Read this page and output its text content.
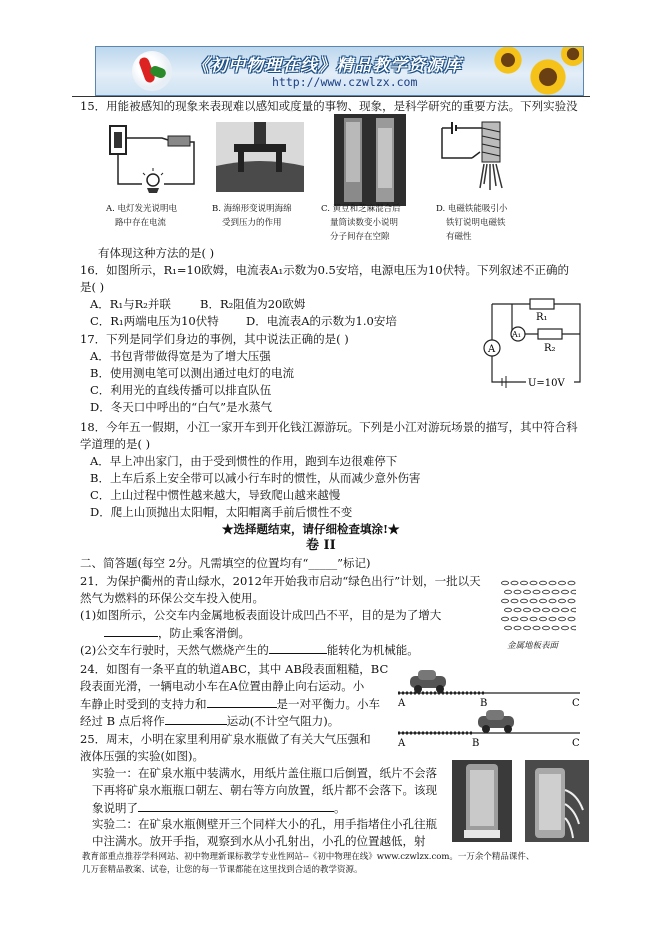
《初中物理在线》精品教学资源库
http://www.czwlzx.com
15．用能被感知的现象来表现难以感知或度量的事物、现象，是科学研究的重要方法。下列实验没
A. 电灯发光说明电
路中存在电流
B. 海绵形变说明海绵
受到压力的作用
C. 黄豆和芝麻混合后
量筒读数变小说明
分子间存在空隙
D. 电磁铁能吸引小
铁钉说明电磁铁
有磁性
有体现这种方法的是( )
16．如图所示，R₁=10欧姆，电流表A₁示数为0.5安培，电源电压为10伏特。下列叙述不正确的
是( )
A．R₁与R₂并联	B．R₂阻值为20欧姆
C．R₁两端电压为10伏特 D．电流表A的示数为1.0安培	R₁
R₂
A₁
A
U=10V
17．下列是同学们身边的事例，其中说法正确的是( )
A．书包背带做得宽是为了增大压强
B．使用测电笔可以测出通过电灯的电流
C．利用光的直线传播可以排直队伍
D．冬天口中呼出的“白气”是水蒸气
18．今年五一假期，小江一家开车到开化钱江源游玩。下列是小江对游玩场景的描写，其中符合科
学道理的是( )
A．早上冲出家门，由于受到惯性的作用，跑到车边很难停下
B．上车后系上安全带可以减小行车时的惯性，从而减少意外伤害
C．上山过程中惯性越来越大，导致爬山越来越慢
D．爬上山顶抛出太阳帽，太阳帽离手前后惯性不变
★选择题结束，请仔细检查填涂!★
卷 II
二、简答题(每空 2分。凡需填空的位置均有“_____”标记)
21．为保护衢州的青山绿水，2012年开始我市启动“绿色出行”计划，一批以天
然气为燃料的环保公交车投入使用。
(1)如图所示，公交车内金属地板表面设计成凹凸不平，目的是为了增大
，防止乘客滑倒。
(2)公交车行驶时，天然气燃烧产生的	能转化为机械能。	金属地板表面
24．如图有一条平直的轨道ABC，其中 AB段表面粗糙，BC
段表面光滑，一辆电动小车在A位置由静止向右运动。小
车静止时受到的支持力和	是一对平衡力。小车
经过 B 点后将作	运动(不计空气阻力)。
A	B	C
A	B	C
25．周末，小明在家里利用矿泉水瓶做了有关大气压强和
液体压强的实验(如图)。
实验一：在矿泉水瓶中装满水，用纸片盖住瓶口后倒置，纸片不会落
下再将矿泉水瓶瓶口朝左、朝右等方向放置，纸片都不会落下。该现
象说明了	。
实验二：在矿泉水瓶侧壁开三个同样大小的孔，用手指堵住小孔往瓶
中注满水。放开手指，观察到水从小孔射出，小孔的位置越低，射
教育部重点推荐学科网站、初中物理新课标教学专业性网站--《初中物理在线》www.czwlzx.com。一万余个精品课件、
几万套精品教案、试卷，让您的每一节课都能在这里找到合适的教学资源。
